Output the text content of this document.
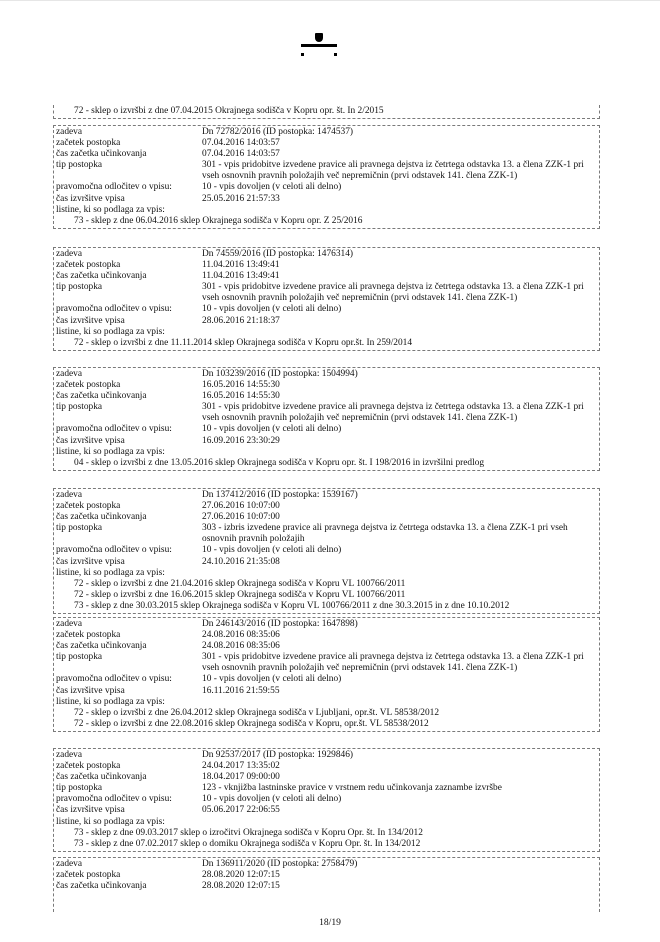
72 - sklep o izvršbi z dne 07.04.2015 Okrajnega sodišča v Kopru opr. št. In 2/2015
zadeva	Dn 72782/2016 (ID postopka: 1474537)
začetek postopka	07.04.2016 14:03:57
čas začetka učinkovanja	07.04.2016 14:03:57
tip postopka	301 - vpis pridobitve izvedene pravice ali pravnega dejstva iz četrtega odstavka 13. a člena ZZK-1 pri vseh osnovnih pravnih položajih več nepremičnin (prvi odstavek 141. člena ZZK-1)
pravomočna odločitev o vpisu:	10 - vpis dovoljen (v celoti ali delno)
čas izvršitve vpisa	25.05.2016 21:57:33
listine, ki so podlaga za vpis:
73 - sklep z dne 06.04.2016 sklep Okrajnega sodišča v Kopru opr. Z 25/2016
zadeva	Dn 74559/2016 (ID postopka: 1476314)
začetek postopka	11.04.2016 13:49:41
čas začetka učinkovanja	11.04.2016 13:49:41
tip postopka	301 - vpis pridobitve izvedene pravice ali pravnega dejstva iz četrtega odstavka 13. a člena ZZK-1 pri vseh osnovnih pravnih položajih več nepremičnin (prvi odstavek 141. člena ZZK-1)
pravomočna odločitev o vpisu:	10 - vpis dovoljen (v celoti ali delno)
čas izvršitve vpisa	28.06.2016 21:18:37
listine, ki so podlaga za vpis:
72 - sklep o izvršbi z dne 11.11.2014 sklep Okrajnega sodišča v Kopru opr.št. In 259/2014
zadeva	Dn 103239/2016 (ID postopka: 1504994)
začetek postopka	16.05.2016 14:55:30
čas začetka učinkovanja	16.05.2016 14:55:30
tip postopka	301 - vpis pridobitve izvedene pravice ali pravnega dejstva iz četrtega odstavka 13. a člena ZZK-1 pri vseh osnovnih pravnih položajih več nepremičnin (prvi odstavek 141. člena ZZK-1)
pravomočna odločitev o vpisu:	10 - vpis dovoljen (v celoti ali delno)
čas izvršitve vpisa	16.09.2016 23:30:29
listine, ki so podlaga za vpis:
04 - sklep o izvršbi z dne 13.05.2016 sklep Okrajnega sodišča v Kopru opr. št. I 198/2016 in izvršilni predlog
zadeva	Dn 137412/2016 (ID postopka: 1539167)
začetek postopka	27.06.2016 10:07:00
čas začetka učinkovanja	27.06.2016 10:07:00
tip postopka	303 - izbris izvedene pravice ali pravnega dejstva iz četrtega odstavka 13. a člena ZZK-1 pri vseh osnovnih pravnih položajih
pravomočna odločitev o vpisu:	10 - vpis dovoljen (v celoti ali delno)
čas izvršitve vpisa	24.10.2016 21:35:08
listine, ki so podlaga za vpis:
72 - sklep o izvršbi z dne 21.04.2016 sklep Okrajnega sodišča v Kopru VL 100766/2011
72 - sklep o izvršbi z dne 16.06.2015 sklep Okrajnega sodišča v Kopru VL 100766/2011
73 - sklep z dne 30.03.2015 sklep Okrajnega sodišča v Kopru VL 100766/2011 z dne 30.3.2015 in z dne 10.10.2012
zadeva	Dn 246143/2016 (ID postopka: 1647898)
začetek postopka	24.08.2016 08:35:06
čas začetka učinkovanja	24.08.2016 08:35:06
tip postopka	301 - vpis pridobitve izvedene pravice ali pravnega dejstva iz četrtega odstavka 13. a člena ZZK-1 pri vseh osnovnih pravnih položajih več nepremičnin (prvi odstavek 141. člena ZZK-1)
pravomočna odločitev o vpisu:	10 - vpis dovoljen (v celoti ali delno)
čas izvršitve vpisa	16.11.2016 21:59:55
listine, ki so podlaga za vpis:
72 - sklep o izvršbi z dne 26.04.2012 sklep Okrajnega sodišča v Ljubljani, opr.št. VL 58538/2012
72 - sklep o izvršbi z dne 22.08.2016 sklep Okrajnega sodišča v Kopru, opr.št. VL 58538/2012
zadeva	Dn 92537/2017 (ID postopka: 1929846)
začetek postopka	24.04.2017 13:35:02
čas začetka učinkovanja	18.04.2017 09:00:00
tip postopka	123 - vknjižba lastninske pravice v vrstnem redu učinkovanja zaznambe izvršbe
pravomočna odločitev o vpisu:	10 - vpis dovoljen (v celoti ali delno)
čas izvršitve vpisa	05.06.2017 22:06:55
listine, ki so podlaga za vpis:
73 - sklep z dne 09.03.2017 sklep o izročitvi Okrajnega sodišča v Kopru Opr. št. In 134/2012
73 - sklep z dne 07.02.2017 sklep o domiku Okrajnega sodišča v Kopru Opr. št. In 134/2012
zadeva	Dn 136911/2020 (ID postopka: 2758479)
začetek postopka	28.08.2020 12:07:15
čas začetka učinkovanja	28.08.2020 12:07:15
18/19
